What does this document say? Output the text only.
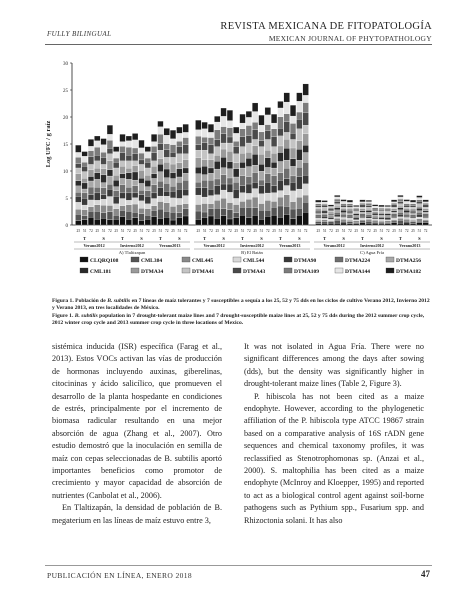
FULLY BILINGUAL
REVISTA MEXICANA DE FITOPATOLOGÍA
MEXICAN JOURNAL OF PHYTOPATHOLOGY
0
5
10
15
20
25
30
Log UFC / g raíz
25 51 72 25 51 72 25 51 72 25 51 72 25 51 72 25 51 72
T	S	T	S	T	S
Verano2012	Invierno2012	Verano2013
A) Tlaltizapan
25 51 72 25 51 72 25 51 72 25 51 72 25 51 72 25 51 72
T	S	T	S	T	S
Verano2012	Invierno2012	Verano2013
B) El Batán
25 51 72 25 51 72 25 51 72 25 51 72 25 51 72 25 51 72
T	S	T	S	T	S
Verano2012	Invierno2012	Verano2013
C) Agua Fría
CLQRQ108	CML384	CML445	CML544	DTMA90	DTMA224	DTMA256
CML181	DTMA34	DTMA41	DTMA43	DTMA109	DTMA144	DTMA182
Figura 1. Población de B. subtilis en 7 líneas de maíz tolerantes y 7 susceptibles a sequía a los 25, 52 y 75 dds en los ciclos de cultivo Verano 2012, Invierno 2012 y Verano 2013, en tres localidades de México.
Figure 1. B. subtilis population in 7 drought-tolerant maize lines and 7 drought-susceptible maize lines at 25, 52 y 75 dds during the 2012 summer crop cycle, 2012 winter crop cycle and 2013 summer crop cycle in three locations of Mexico.

sistémica inducida (ISR) específica (Farag et al., 2013). Estos VOCs activan las vías de producción de hormonas incluyendo auxinas, giberelinas, citocininas y ácido salicílico, que promueven el desarrollo de la planta hospedante en condiciones de estrés, principalmente por el incremento de biomasa radicular resultando en una mejor absorción de agua (Zhang et al., 2007). Otro estudio demostró que la inoculación en semilla de maíz con cepas seleccionadas de B. subtilis aportó importantes beneficios como promotor de crecimiento y mayor capacidad de absorción de nutrientes (Canbolat et al., 2006).

En Tlaltizapán, la densidad de población de B. megaterium en las líneas de maíz estuvo entre 3,

It was not isolated in Agua Fría. There were no significant differences among the days after sowing (dds), but the density was significantly higher in drought-tolerant maize lines (Table 2, Figure 3).

P. hibiscola has not been cited as a maize endophyte. However, according to the phylogenetic affiliation of the P. hibiscola type ATCC 19867 strain based on a comparative analysis of 16S rADN gene sequences and chemical taxonomy profiles, it was reclassified as Stenotrophomonas sp. (Anzai et al., 2000). S. maltophilia has been cited as a maize endophyte (McInroy and Kloepper, 1995) and reported to act as a biological control agent against soil-borne pathogens such as Pythium spp., Fusarium spp. and Rhizoctonia solani. It has also

PUBLICACIÓN EN LÍNEA, ENERO 2018	47
